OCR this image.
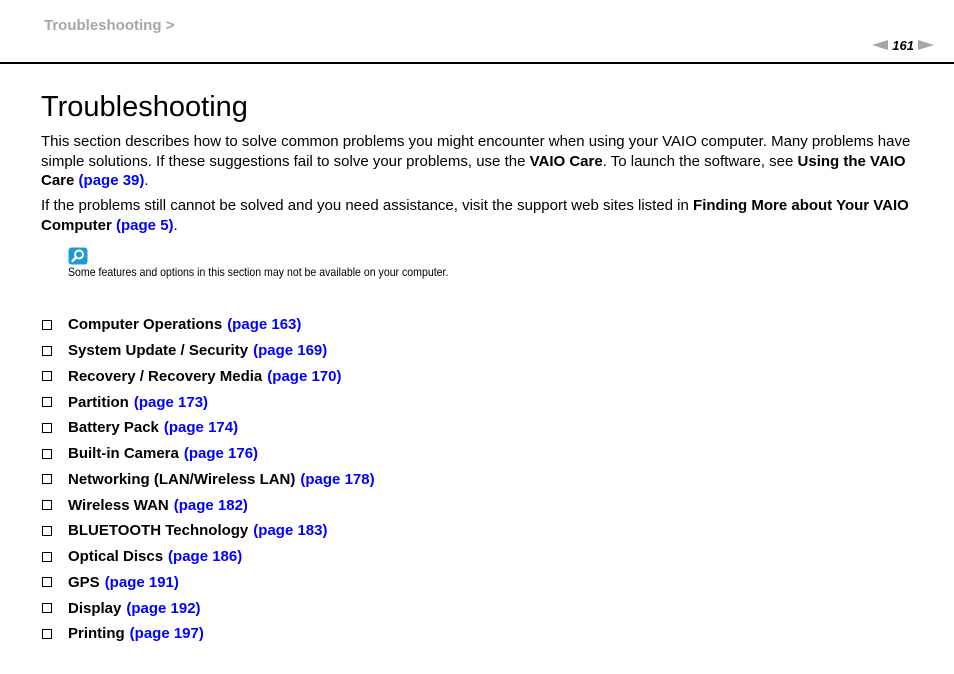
Troubleshooting >
161
Troubleshooting

This section describes how to solve common problems you might encounter when using your VAIO computer. Many problems have simple solutions. If these suggestions fail to solve your problems, use the VAIO Care. To launch the software, see Using the VAIO Care (page 39).

If the problems still cannot be solved and you need assistance, visit the support web sites listed in Finding More about Your VAIO Computer (page 5).

Some features and options in this section may not be available on your computer.
Computer Operations (page 163)
System Update / Security (page 169)
Recovery / Recovery Media (page 170)
Partition (page 173)
Battery Pack (page 174)
Built-in Camera (page 176)
Networking (LAN/Wireless LAN) (page 178)
Wireless WAN (page 182)
BLUETOOTH Technology (page 183)
Optical Discs (page 186)
GPS (page 191)
Display (page 192)
Printing (page 197)
